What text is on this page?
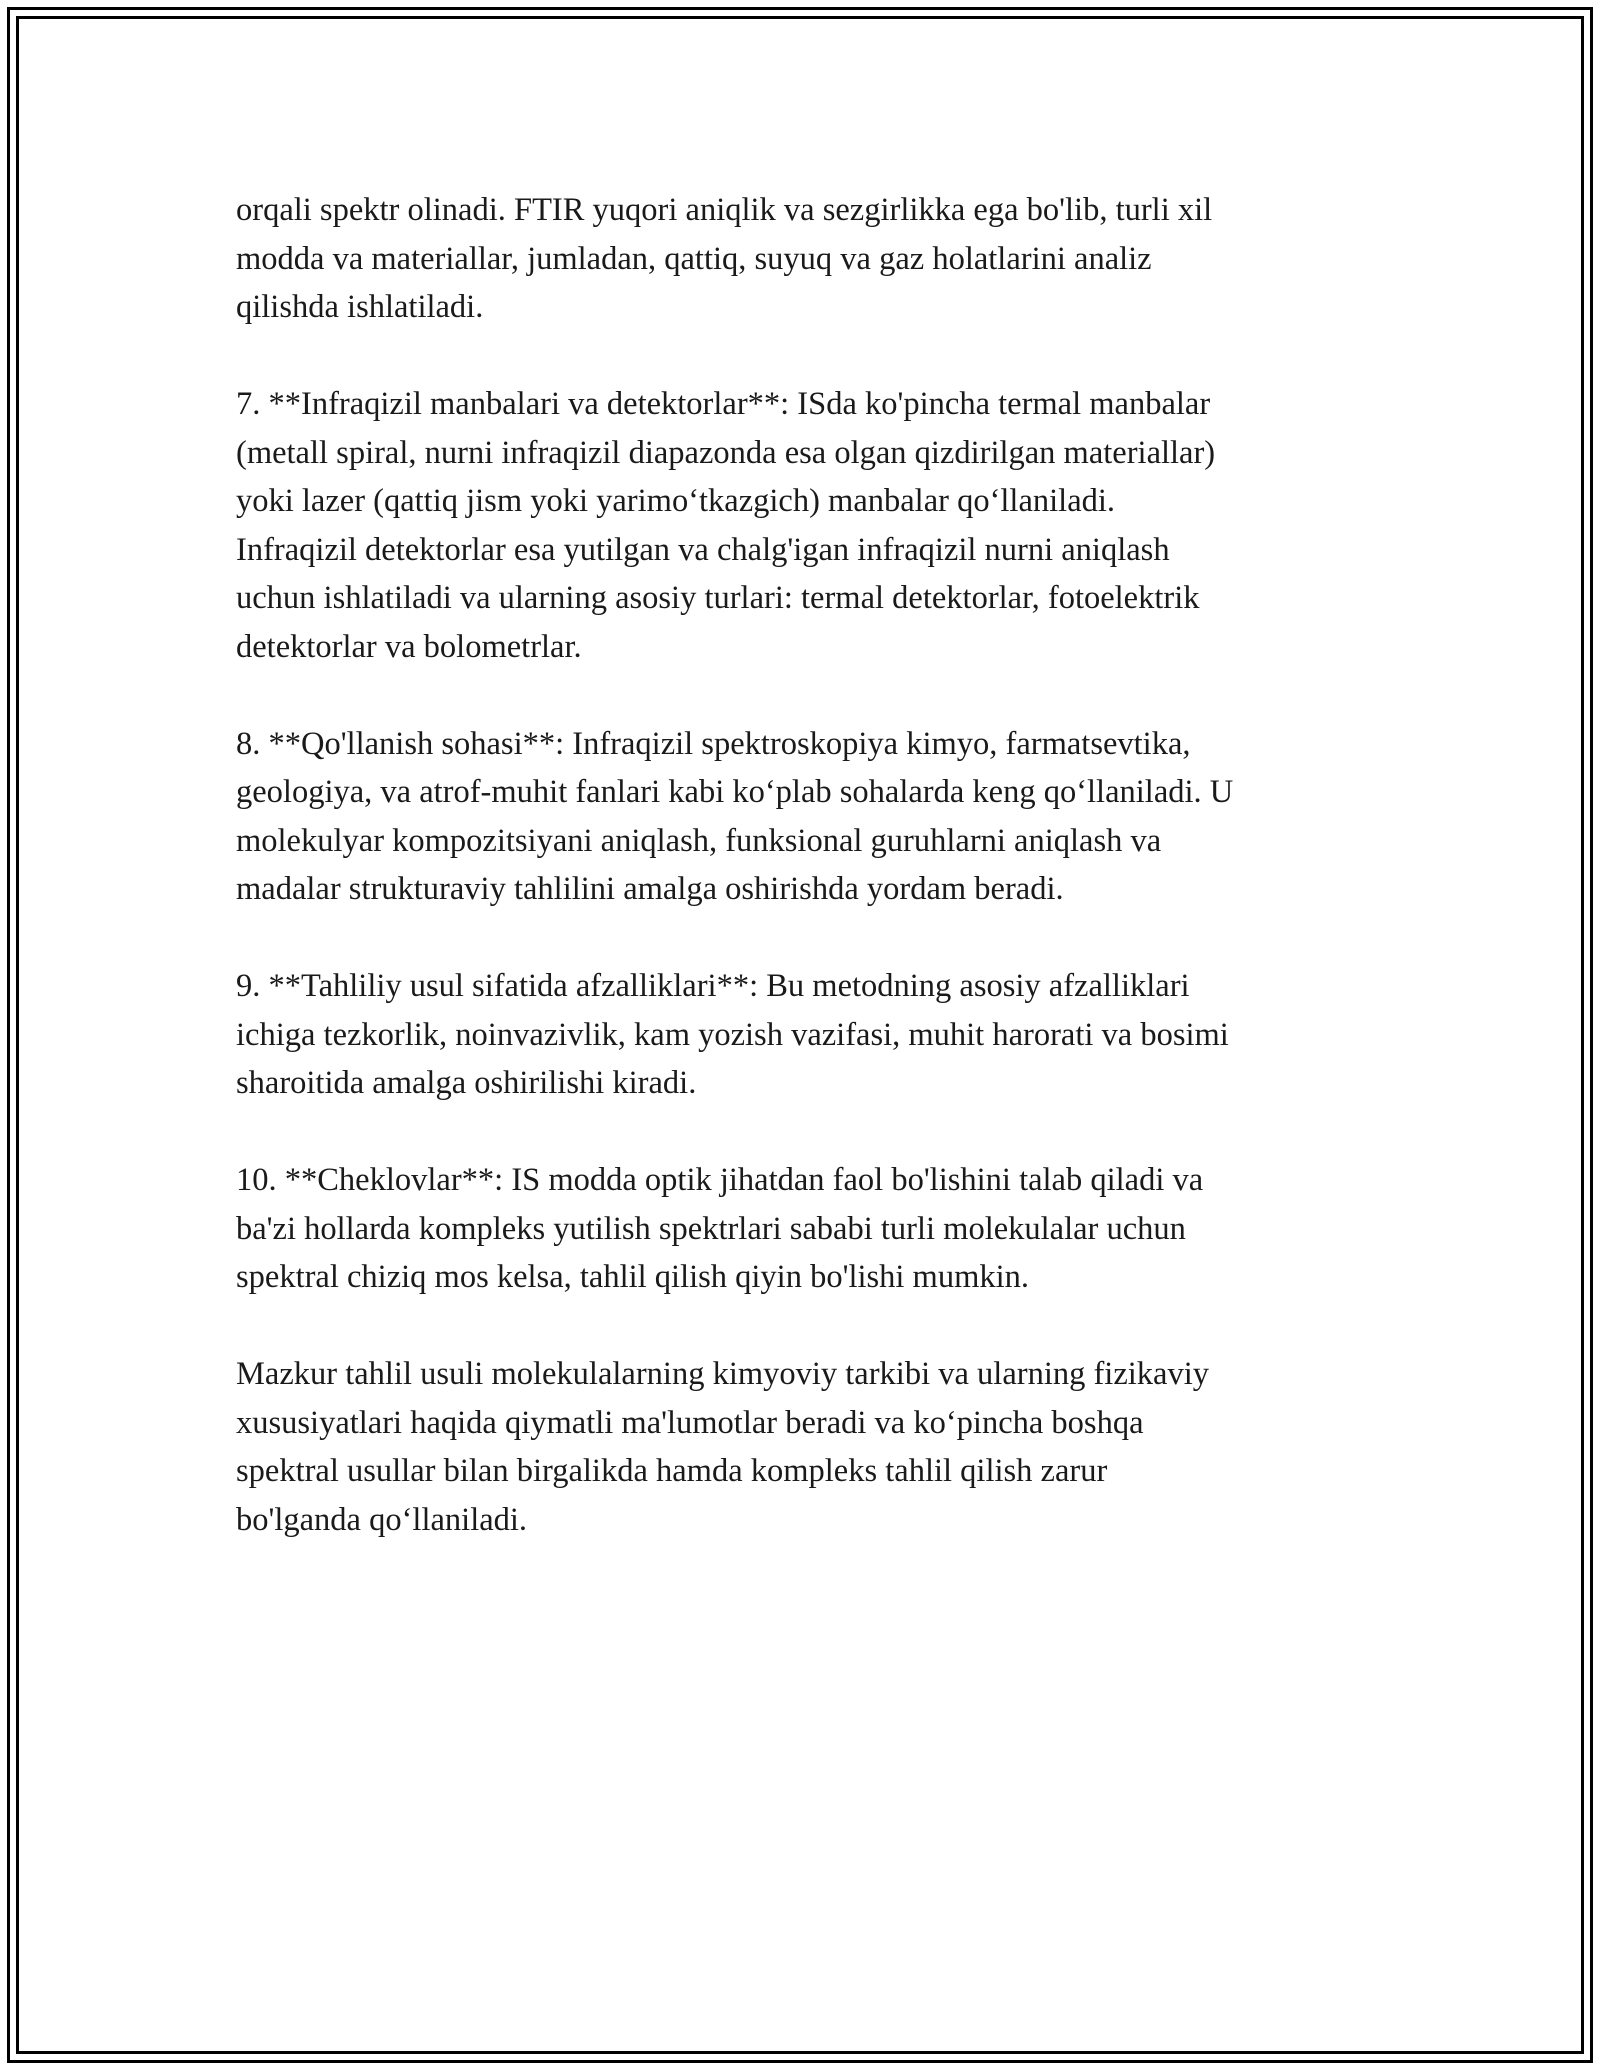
orqali spektr olinadi. FTIR yuqori aniqlik va sezgirlikka ega bo'lib, turli xil
modda va materiallar, jumladan, qattiq, suyuq va gaz holatlarini analiz
qilishda ishlatiladi.

7. **Infraqizil manbalari va detektorlar**: ISda ko'pincha termal manbalar
(metall spiral, nurni infraqizil diapazonda esa olgan qizdirilgan materiallar)
yoki lazer (qattiq jism yoki yarimo‘tkazgich) manbalar qo‘llaniladi.
Infraqizil detektorlar esa yutilgan va chalg'igan infraqizil nurni aniqlash
uchun ishlatiladi va ularning asosiy turlari: termal detektorlar, fotoelektrik
detektorlar va bolometrlar.

8. **Qo'llanish sohasi**: Infraqizil spektroskopiya kimyo, farmatsevtika,
geologiya, va atrof-muhit fanlari kabi ko‘plab sohalarda keng qo‘llaniladi. U
molekulyar kompozitsiyani aniqlash, funksional guruhlarni aniqlash va
madalar strukturaviy tahlilini amalga oshirishda yordam beradi.

9. **Tahliliy usul sifatida afzalliklari**: Bu metodning asosiy afzalliklari
ichiga tezkorlik, noinvazivlik, kam yozish vazifasi, muhit harorati va bosimi
sharoitida amalga oshirilishi kiradi.

10. **Cheklovlar**: IS modda optik jihatdan faol bo'lishini talab qiladi va
ba'zi hollarda kompleks yutilish spektrlari sababi turli molekulalar uchun
spektral chiziq mos kelsa, tahlil qilish qiyin bo'lishi mumkin.

Mazkur tahlil usuli molekulalarning kimyoviy tarkibi va ularning fizikaviy
xususiyatlari haqida qiymatli ma'lumotlar beradi va ko‘pincha boshqa
spektral usullar bilan birgalikda hamda kompleks tahlil qilish zarur
bo'lganda qo‘llaniladi.
